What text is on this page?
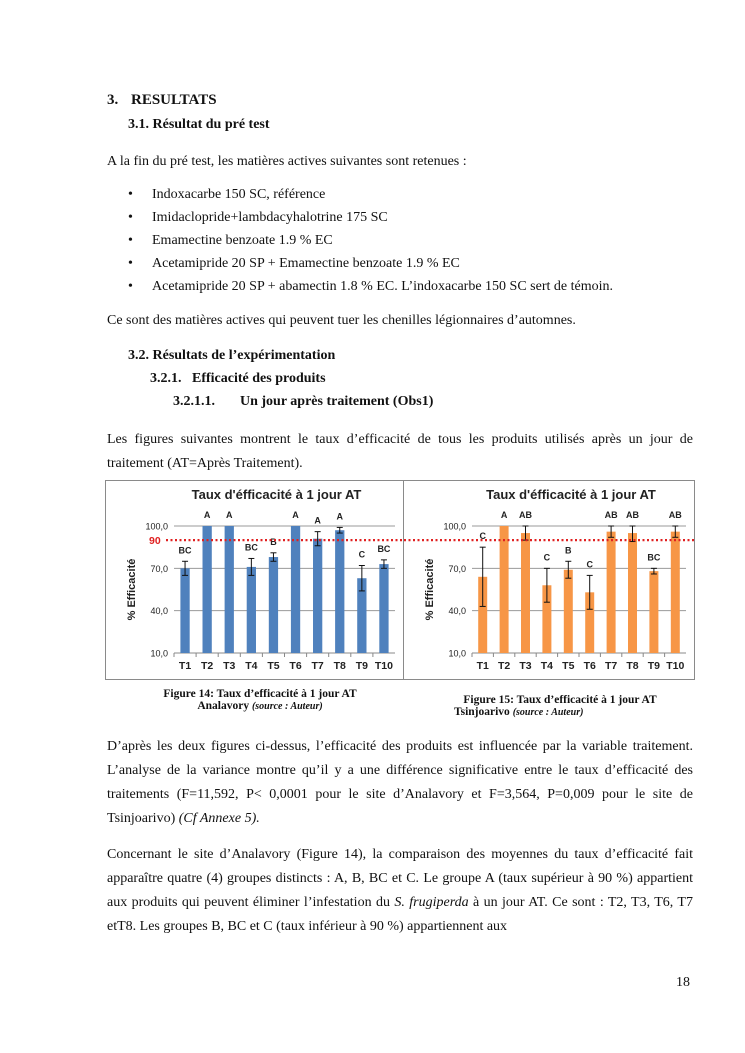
3. RESULTATS
3.1. Résultat du pré test
A la fin du pré test, les matières actives suivantes sont retenues :
• Indoxacarbe 150 SC, référence
• Imidaclopride+lambdacyhalotrine 175 SC
• Emamectine benzoate 1.9 % EC
• Acetamipride 20 SP + Emamectine benzoate 1.9 % EC
• Acetamipride 20 SP + abamectin 1.8 % EC. L’indoxacarbe 150 SC sert de témoin.
Ce sont des matières actives qui peuvent tuer les chenilles légionnaires d’automnes.
3.2. Résultats de l’expérimentation
3.2.1.   Efficacité des produits
3.2.1.1. Un jour après traitement (Obs1)
Les figures suivantes montrent le taux d’efficacité de tous les produits utilisés après un jour de traitement (AT=Après Traitement).
Taux d'éfficacité à 1 jour AT
% Efficacité
10,0
40,0
70,0
100,0
BC
T1
A
T2
A
T3
BC
T4
B
T5
A
T6
A
T7
A
T8
C
T9
BC
T10
90
Taux d'éfficacité à 1 jour AT
% Efficacité
10,0
40,0
70,0
100,0
C
T1
A
T2
AB
T3
C
T4
B
T5
C
T6
AB
T7
AB
T8
BC
T9
AB
T10
Figure 14: Taux d’efficacité à 1 jour AT
Analavory (source : Auteur)
Figure 15: Taux d’efficacité à 1 jour AT
Tsinjoarivo (source : Auteur)
D’après les deux figures ci-dessus, l’efficacité des produits est influencée par la variable traitement. L’analyse de la variance montre qu’il y a une différence significative entre le taux d’efficacité des traitements (F=11,592, P< 0,0001 pour le site d’Analavory et F=3,564, P=0,009 pour le site de Tsinjoarivo) (Cf Annexe 5).
Concernant le site d’Analavory (Figure 14), la comparaison des moyennes du taux d’efficacité fait apparaître quatre (4) groupes distincts : A, B, BC et C. Le groupe A (taux supérieur à 90 %) appartient aux produits qui peuvent éliminer l’infestation du S. frugiperda à un jour AT. Ce sont : T2, T3, T6, T7 etT8. Les groupes B, BC et C (taux inférieur à 90 %) appartiennent aux
18
